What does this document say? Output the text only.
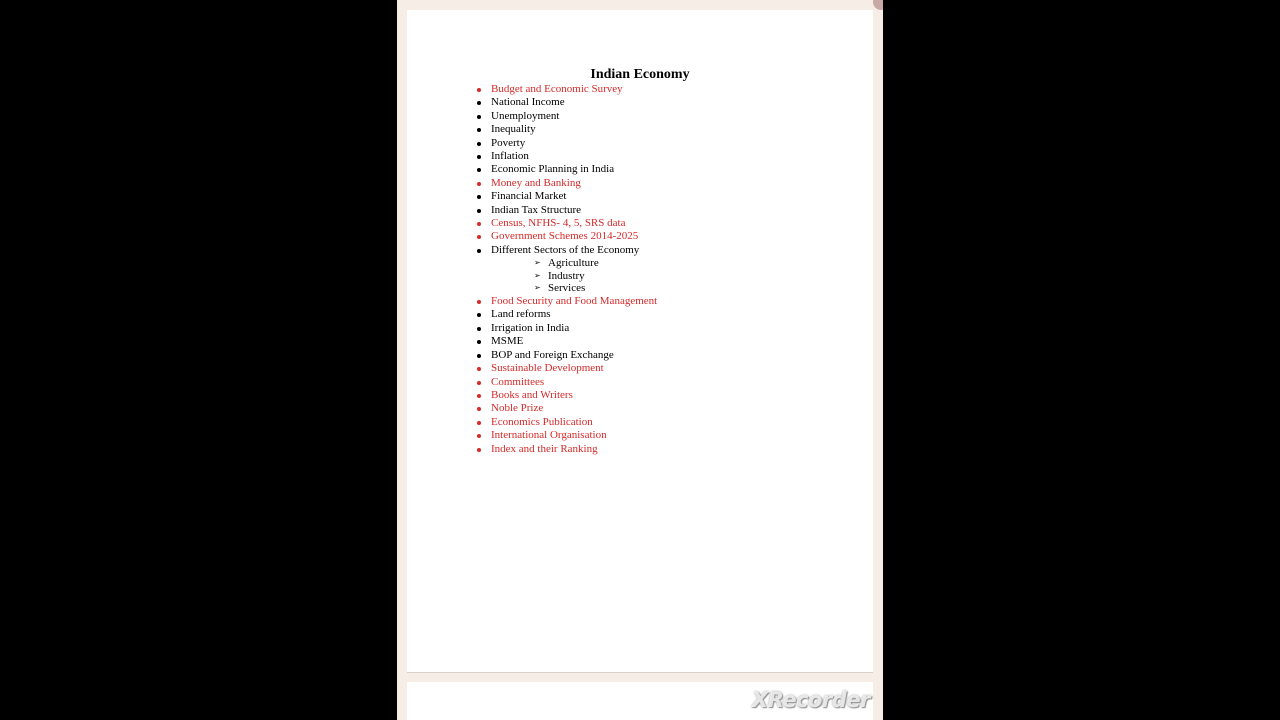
Indian Economy
Budget and Economic Survey
National Income
Unemployment
Inequality
Poverty
Inflation
Economic Planning in India
Money and Banking
Financial Market
Indian Tax Structure
Census, NFHS- 4, 5, SRS data
Government Schemes 2014-2025
Different Sectors of the Economy
➢ Agriculture
➢ Industry
➢ Services
Food Security and Food Management
Land reforms
Irrigation in India
MSME
BOP and Foreign Exchange
Sustainable Development
Committees
Books and Writers
Noble Prize
Economics Publication
International Organisation
Index and their Ranking
XRecorder
